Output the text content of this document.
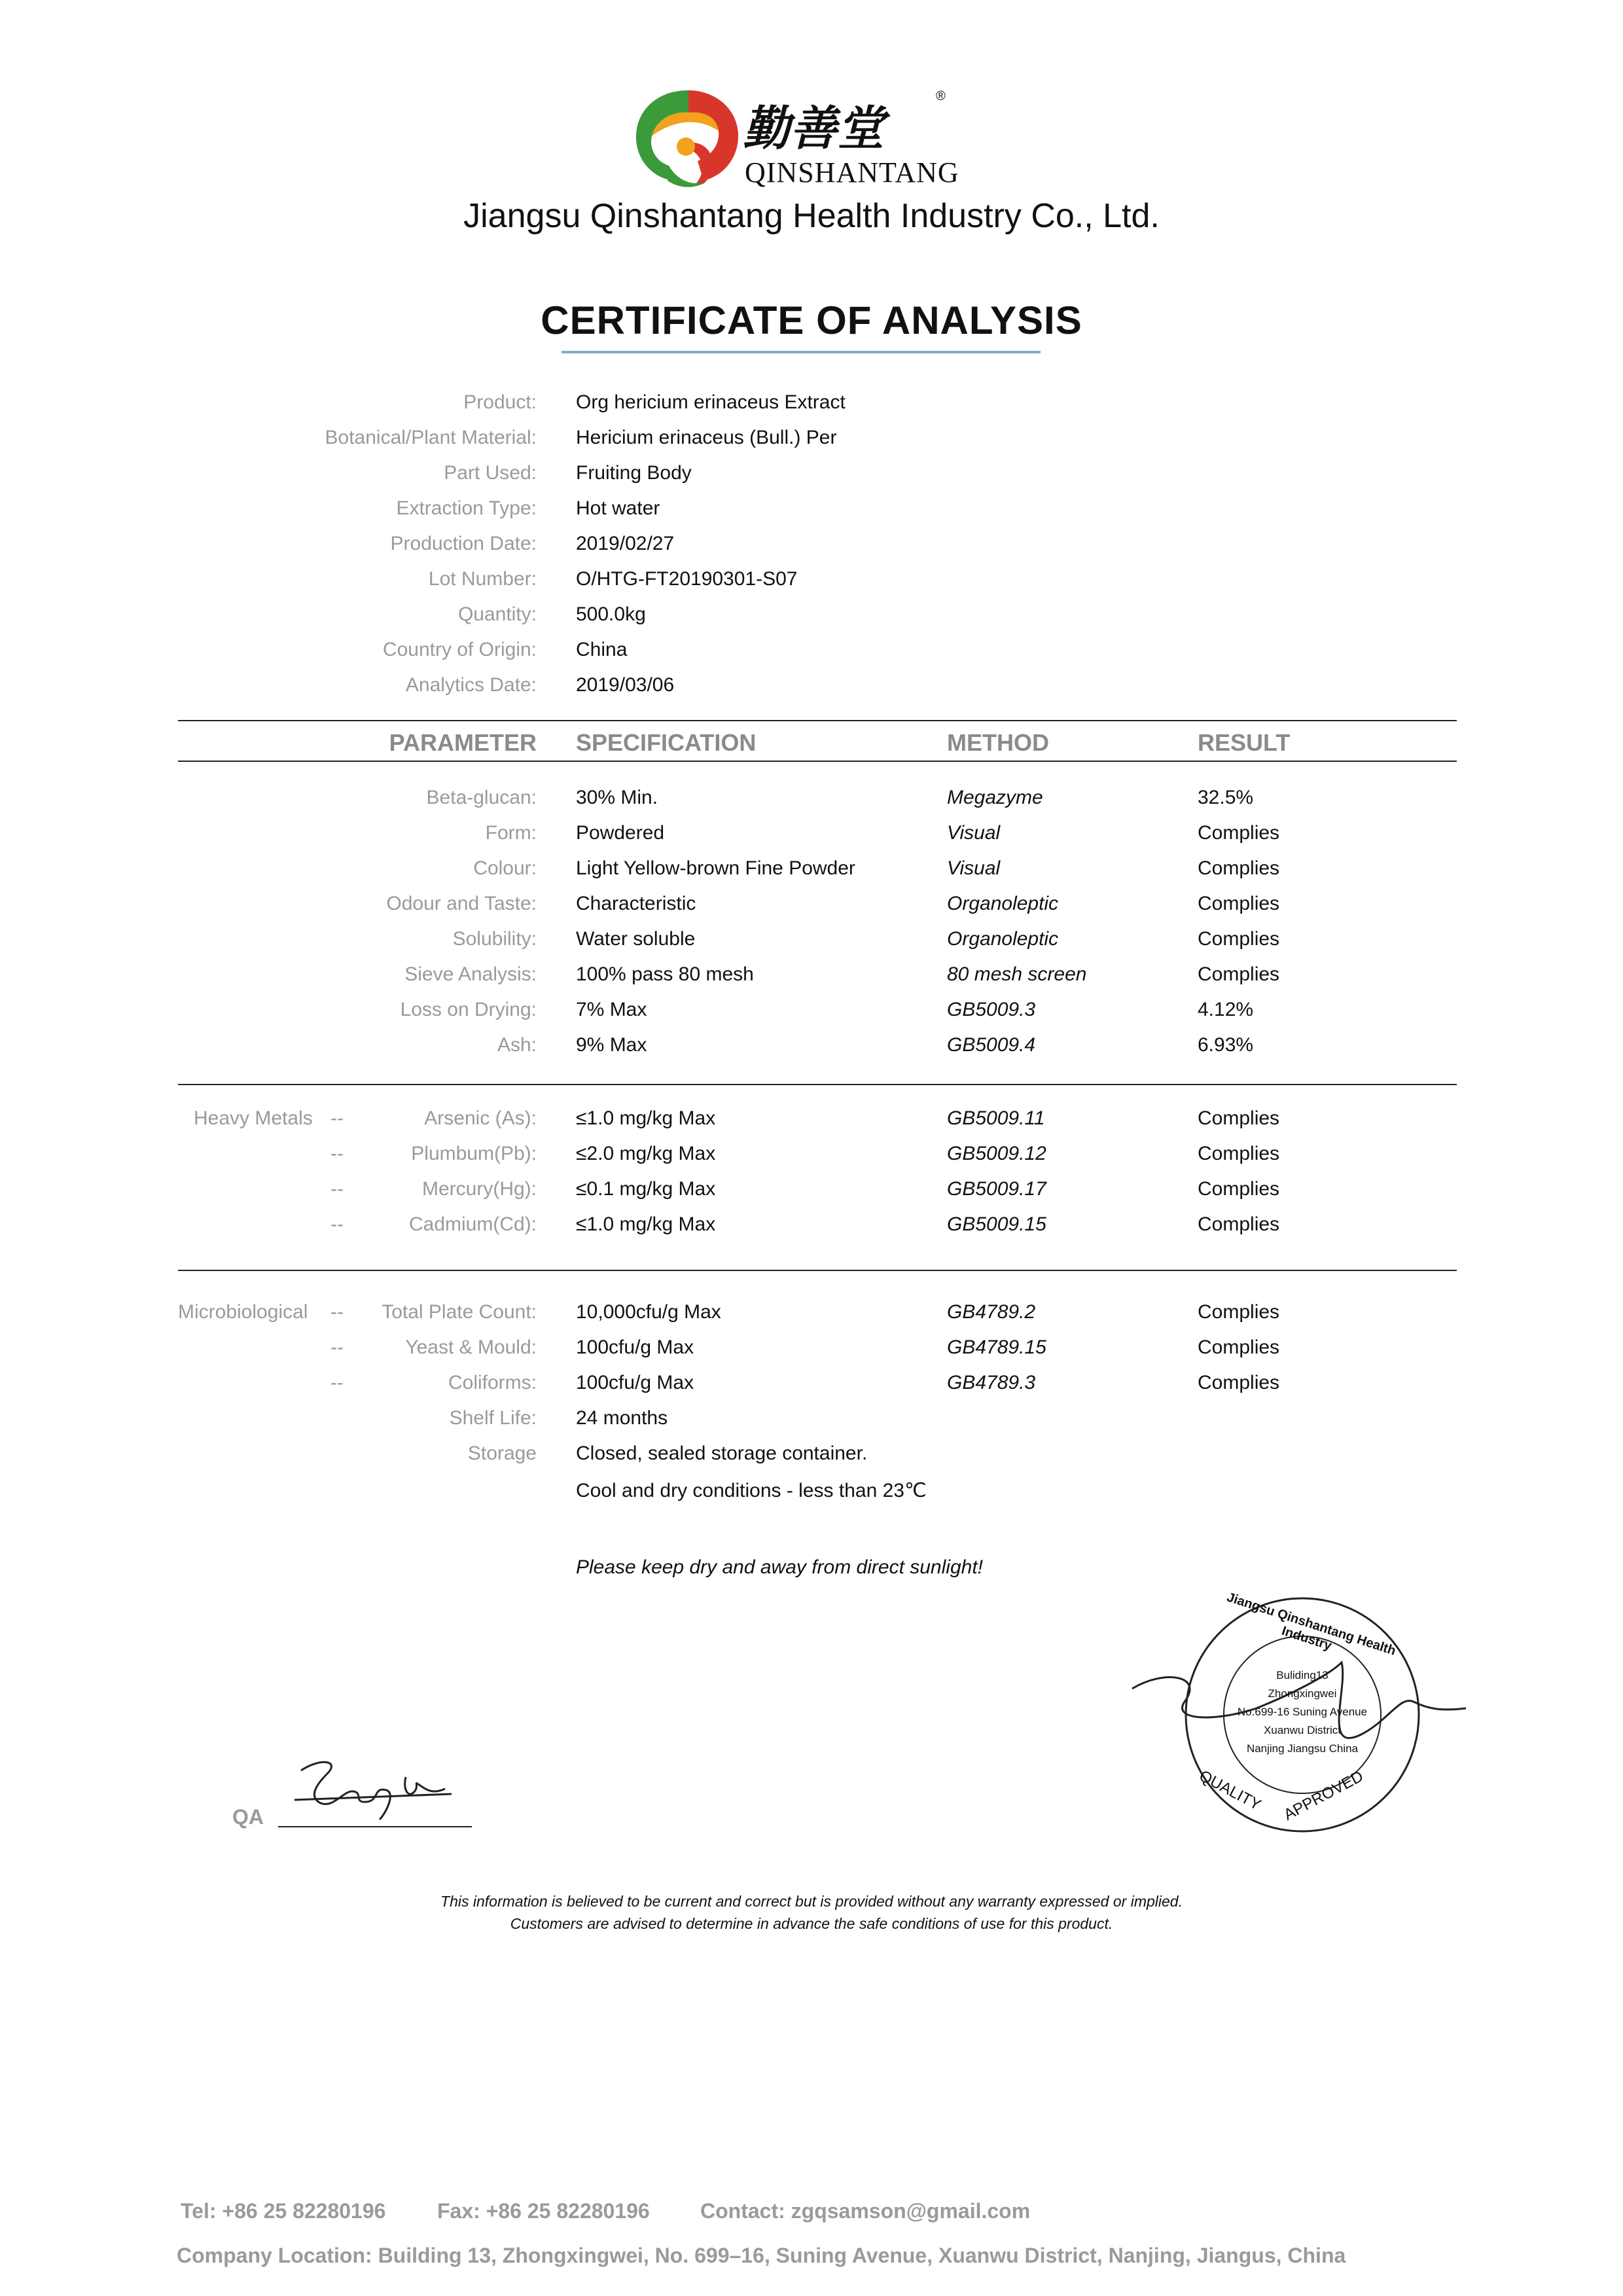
勤善堂
®
QINSHANTANG
Jiangsu Qinshantang Health Industry Co., Ltd.
CERTIFICATE OF ANALYSIS
Product: Org hericium erinaceus Extract
Botanical/Plant Material: Hericium erinaceus (Bull.) Per
Part Used: Fruiting Body
Extraction Type: Hot water
Production Date: 2019/02/27
Lot Number: O/HTG-FT20190301-S07
Quantity: 500.0kg
Country of Origin: China
Analytics Date: 2019/03/06
PARAMETER SPECIFICATION	METHOD	RESULT
Beta-glucan: 30% Min.	Megazyme	32.5%
Form: Powdered	Visual	Complies
Colour: Light Yellow-brown Fine Powder	Visual	Complies
Odour and Taste: Characteristic	Organoleptic	Complies
Solubility: Water soluble	Organoleptic	Complies
Sieve Analysis: 100% pass 80 mesh	80 mesh screen	Complies
Loss on Drying: 7% Max	GB5009.3	4.12%
Ash: 9% Max	GB5009.4	6.93%
Heavy Metals --	Arsenic (As): ≤1.0 mg/kg Max	GB5009.11	Complies
--	Plumbum(Pb): ≤2.0 mg/kg Max	GB5009.12	Complies
--	Mercury(Hg): ≤0.1 mg/kg Max	GB5009.17	Complies
--	Cadmium(Cd): ≤1.0 mg/kg Max	GB5009.15	Complies
Microbiological --	Total Plate Count: 10,000cfu/g Max	GB4789.2	Complies
--	Yeast & Mould: 100cfu/g Max	GB4789.15	Complies
--	Coliforms: 100cfu/g Max	GB4789.3	Complies
Shelf Life: 24 months
Storage Closed, sealed storage container.
Cool and dry conditions - less than 23℃
Please keep dry and away from direct sunlight!
Jiangsu Qinshantang Health Industry
Buliding13
Zhongxingwei
No.699-16 Suning Avenue
Xuanwu District
Nanjing Jiangsu China
QUALITY APPROVED
QA
This information is believed to be current and correct but is provided without any warranty expressed or implied.
Customers are advised to determine in advance the safe conditions of use for this product.
Tel: +86 25 82280196 Fax: +86 25 82280196 Contact: zgqsamson@gmail.com
Company Location: Building 13, Zhongxingwei, No. 699–16, Suning Avenue, Xuanwu District, Nanjing, Jiangus, China
